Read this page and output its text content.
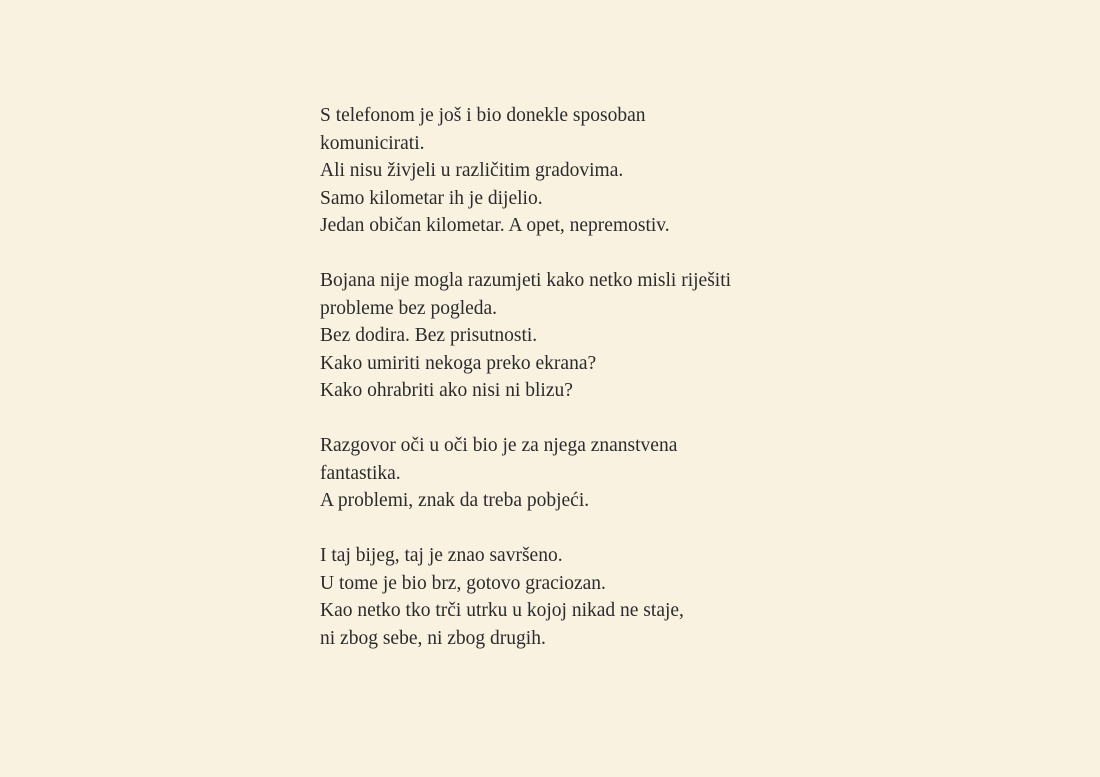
S telefonom je još i bio donekle sposoban
komunicirati.
Ali nisu živjeli u različitim gradovima.
Samo kilometar ih je dijelio.
Jedan običan kilometar. A opet, nepremostiv.

Bojana nije mogla razumjeti kako netko misli riješiti
probleme bez pogleda.
Bez dodira. Bez prisutnosti.
Kako umiriti nekoga preko ekrana?
Kako ohrabriti ako nisi ni blizu?

Razgovor oči u oči bio je za njega znanstvena
fantastika.
A problemi, znak da treba pobjeći.

I taj bijeg, taj je znao savršeno.
U tome je bio brz, gotovo graciozan.
Kao netko tko trči utrku u kojoj nikad ne staje,
ni zbog sebe, ni zbog drugih.
